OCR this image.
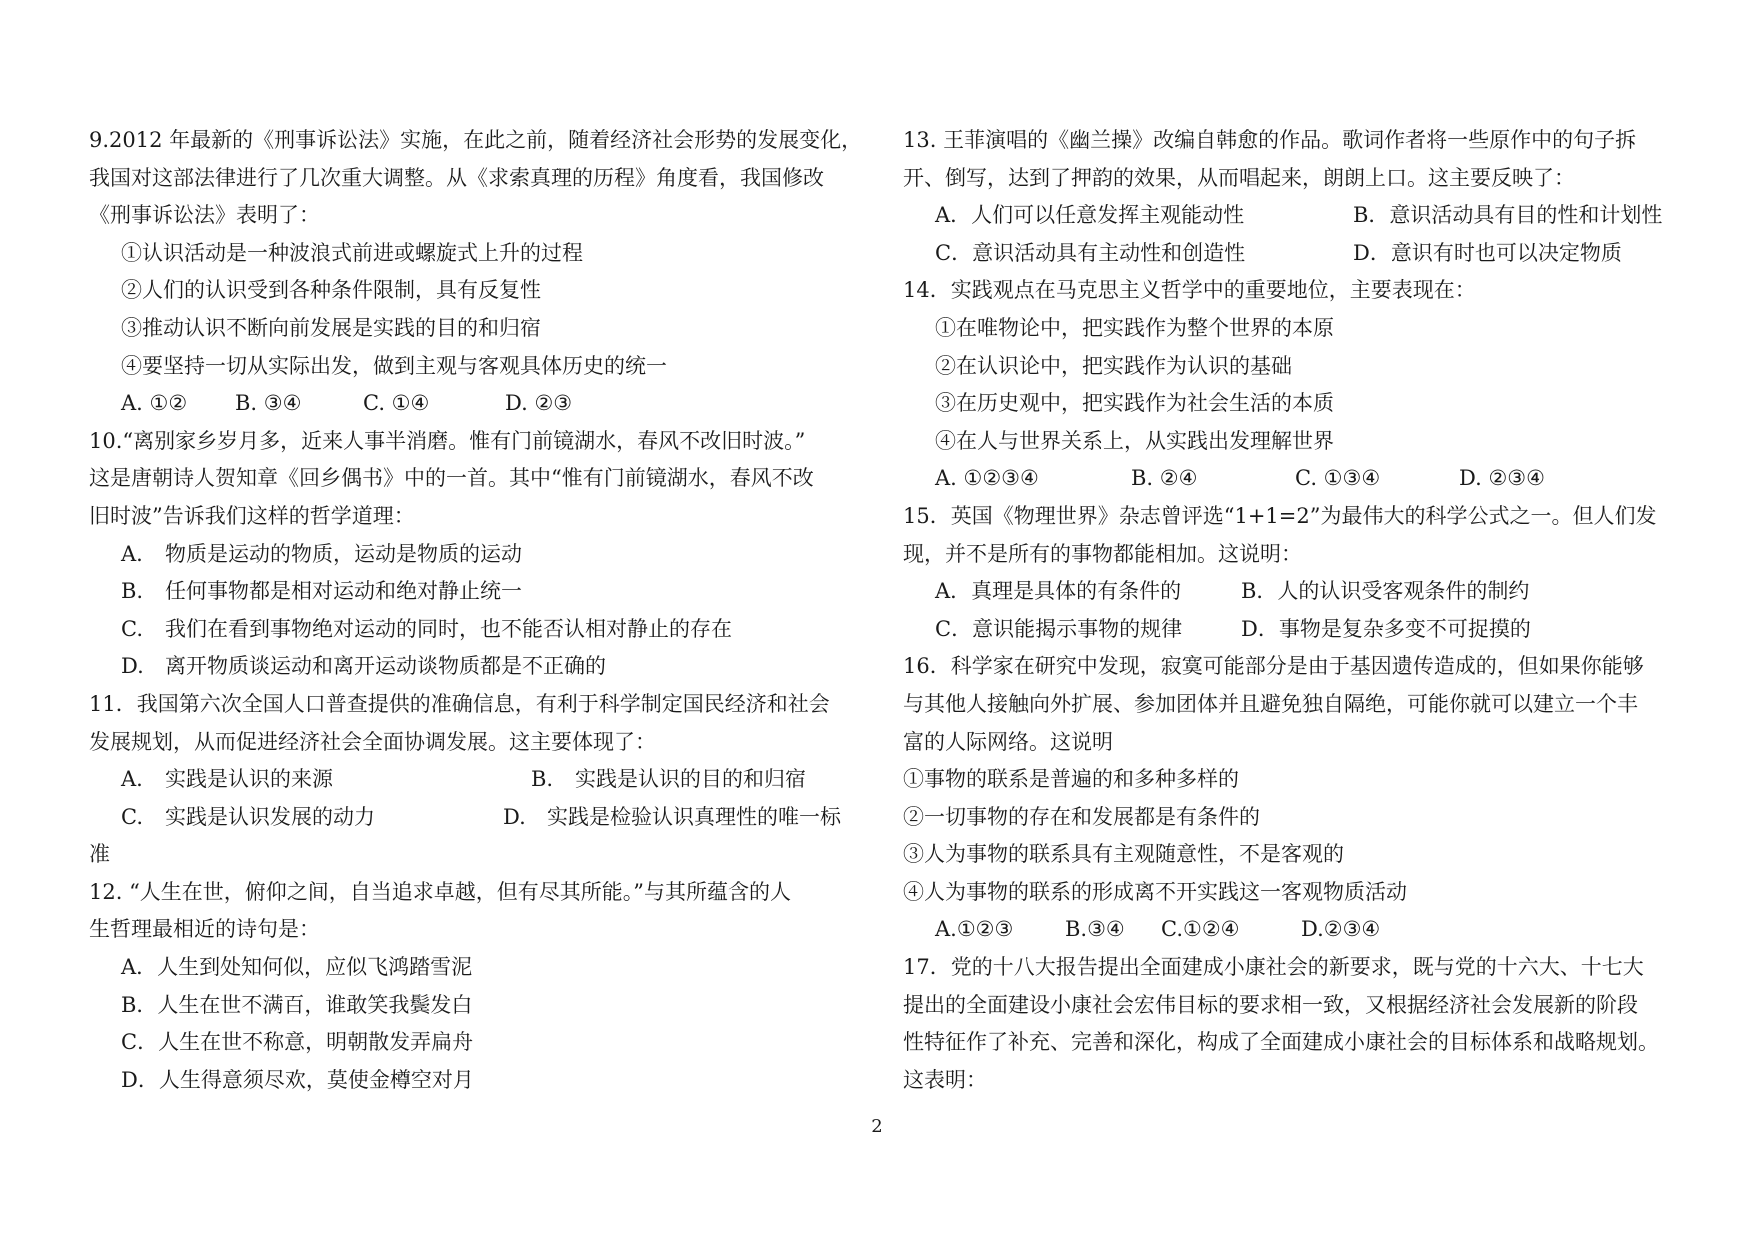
9.2012 年最新的《刑事诉讼法》实施，在此之前，随着经济社会形势的发展变化，
我国对这部法律进行了几次重大调整。从《求索真理的历程》角度看，我国修改
《刑事诉讼法》表明了：
①认识活动是一种波浪式前进或螺旋式上升的过程
②人们的认识受到各种条件限制，具有反复性
③推动认识不断向前发展是实践的目的和归宿
④要坚持一切从实际出发，做到主观与客观具体历史的统一
A. ①② B. ③④	C. ①④	D. ②③
10.“离别家乡岁月多，近来人事半消磨。惟有门前镜湖水，春风不改旧时波。”
这是唐朝诗人贺知章《回乡偶书》中的一首。其中“惟有门前镜湖水，春风不改
旧时波”告诉我们这样的哲学道理：
A. 物质是运动的物质，运动是物质的运动
B. 任何事物都是相对运动和绝对静止统一
C. 我们在看到事物绝对运动的同时，也不能否认相对静止的存在
D. 离开物质谈运动和离开运动谈物质都是不正确的
11．我国第六次全国人口普查提供的准确信息，有利于科学制定国民经济和社会
发展规划，从而促进经济社会全面协调发展。这主要体现了：
A. 实践是认识的来源	B. 实践是认识的目的和归宿
C. 实践是认识发展的动力	D. 实践是检验认识真理性的唯一标
准
12. “人生在世，俯仰之间，自当追求卓越，但有尽其所能。”与其所蕴含的人
生哲理最相近的诗句是：
A．人生到处知何似，应似飞鸿踏雪泥
B．人生在世不满百，谁敢笑我鬓发白
C．人生在世不称意，明朝散发弄扁舟
D．人生得意须尽欢，莫使金樽空对月
13. 王菲演唱的《幽兰操》改编自韩愈的作品。歌词作者将一些原作中的句子拆
开、倒写，达到了押韵的效果，从而唱起来，朗朗上口。这主要反映了：
A．人们可以任意发挥主观能动性	B．意识活动具有目的性和计划性
C．意识活动具有主动性和创造性	D．意识有时也可以决定物质
14．实践观点在马克思主义哲学中的重要地位，主要表现在：
①在唯物论中，把实践作为整个世界的本原
②在认识论中，把实践作为认识的基础
③在历史观中，把实践作为社会生活的本质
④在人与世界关系上，从实践出发理解世界
A. ①②③④	B. ②④	C. ①③④	D. ②③④
15．英国《物理世界》杂志曾评选“1+1=2”为最伟大的科学公式之一。但人们发
现，并不是所有的事物都能相加。这说明：
A．真理是具体的有条件的	B．人的认识受客观条件的制约
C．意识能揭示事物的规律	D．事物是复杂多变不可捉摸的
16．科学家在研究中发现，寂寞可能部分是由于基因遗传造成的，但如果你能够
与其他人接触向外扩展、参加团体并且避免独自隔绝，可能你就可以建立一个丰
富的人际网络。这说明
①事物的联系是普遍的和多种多样的
②一切事物的存在和发展都是有条件的
③人为事物的联系具有主观随意性，不是客观的
④人为事物的联系的形成离不开实践这一客观物质活动
A.①②③ B.③④ C.①②④	D.②③④
17．党的十八大报告提出全面建成小康社会的新要求，既与党的十六大、十七大
提出的全面建设小康社会宏伟目标的要求相一致，又根据经济社会发展新的阶段
性特征作了补充、完善和深化，构成了全面建成小康社会的目标体系和战略规划。
这表明：
2
